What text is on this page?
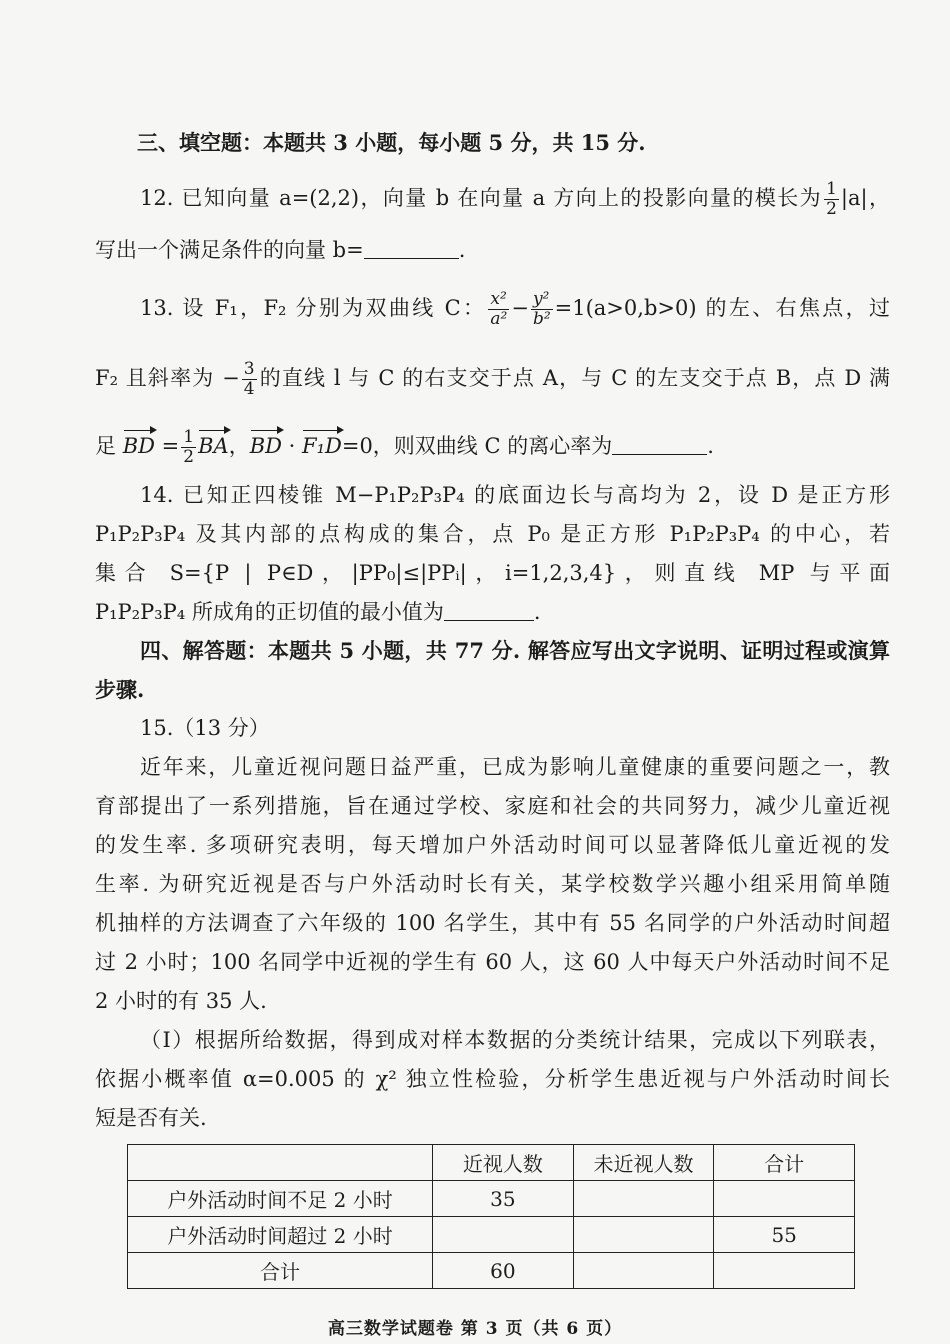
三、填空题：本题共 3 小题，每小题 5 分，共 15 分.
12. 已知向量 a=(2,2)，向量 b 在向量 a 方向上的投影向量的模长为 $\frac{1}{2} |a|$，
写出一个满足条件的向量 b=	.
13. 设 F₁，F₂ 分别为双曲线 C： $\frac{\text{x²}}{\text{a²}} - \frac{\text{y²}}{\text{b²}} =1(a>0,b>0)$ 的左、右焦点，过
F₂ 且斜率为 − $\frac{3}{4}$ 的直线 l 与 C 的右支交于点 A，与 C 的左支交于点 B，点 D 满
足 BD = $\frac{1}{2}$ BA，BD · F₁D=0，则双曲线 C 的离心率为	.
14. 已知正四棱锥 M−P₁P₂P₃P₄ 的底面边长与高均为 2，设 D 是正方形
P₁P₂P₃P₄ 及其内部的点构成的集合，点 P₀ 是正方形 P₁P₂P₃P₄ 的中心，若
集合 S={P | P∈D，|PP₀|≤|PPᵢ|，i=1,2,3,4}，则直线 MP 与平面
P₁P₂P₃P₄ 所成角的正切值的最小值为	.
四、解答题：本题共 5 小题，共 77 分. 解答应写出文字说明、证明过程或演算
步骤.
15.（13 分）
近年来，儿童近视问题日益严重，已成为影响儿童健康的重要问题之一，教
育部提出了一系列措施，旨在通过学校、家庭和社会的共同努力，减少儿童近视
的发生率. 多项研究表明，每天增加户外活动时间可以显著降低儿童近视的发
生率. 为研究近视是否与户外活动时长有关，某学校数学兴趣小组采用简单随
机抽样的方法调查了六年级的 100 名学生，其中有 55 名同学的户外活动时间超
过 2 小时；100 名同学中近视的学生有 60 人，这 60 人中每天户外活动时间不足
2 小时的有 35 人.
（Ⅰ）根据所给数据，得到成对样本数据的分类统计结果，完成以下列联表，
依据小概率值 α=0.005 的 χ² 独立性检验，分析学生患近视与户外活动时间长
短是否有关.
	近视人数	未近视人数	合计
户外活动时间不足 2 小时	35		
户外活动时间超过 2 小时			55
合计	60		
高三数学试题卷 第 3 页（共 6 页）
